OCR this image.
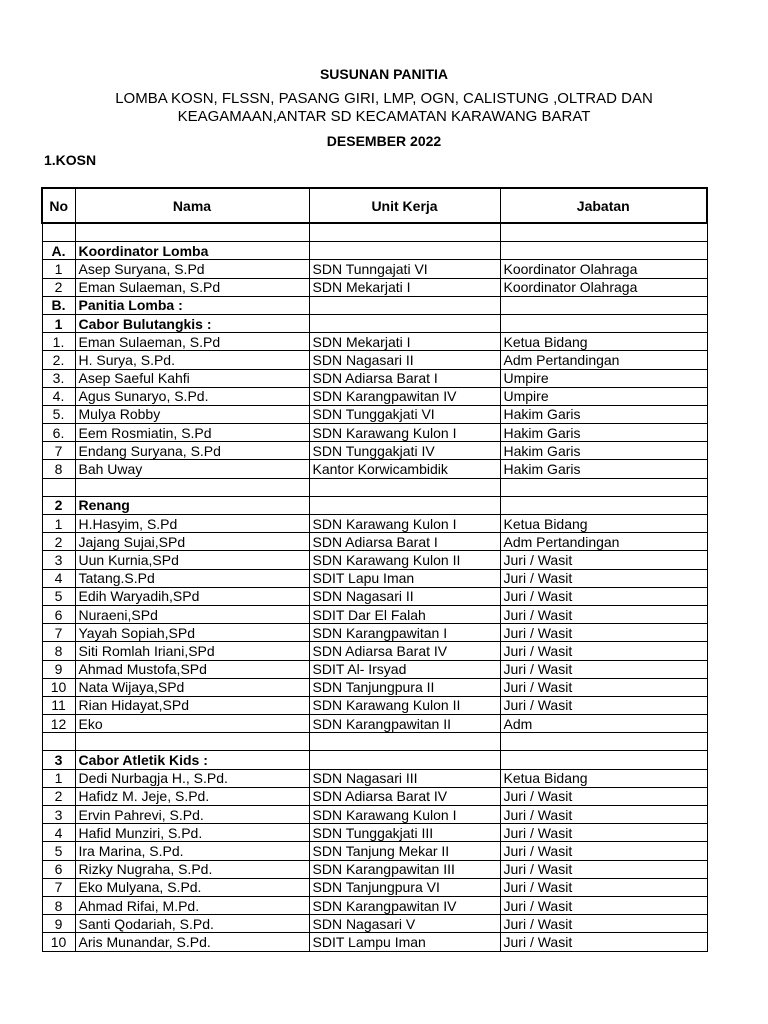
SUSUNAN PANITIA
LOMBA KOSN, FLSSN, PASANG GIRI, LMP, OGN, CALISTUNG ,OLTRAD DAN
KEAGAMAAN,ANTAR SD KECAMATAN KARAWANG BARAT
DESEMBER 2022
1.KOSN
No	Nama	Unit Kerja	Jabatan

A.	Koordinator Lomba		
1	Asep Suryana, S.Pd	SDN Tunngajati VI	Koordinator Olahraga
2	Eman Sulaeman, S.Pd	SDN Mekarjati I	Koordinator Olahraga
B.	Panitia Lomba :		
1	Cabor Bulutangkis :		
1.	Eman Sulaeman, S.Pd	SDN Mekarjati I	Ketua Bidang
2.	H. Surya, S.Pd.	SDN Nagasari II	Adm Pertandingan
3.	Asep Saeful Kahfi	SDN Adiarsa Barat I	Umpire
4.	Agus Sunaryo, S.Pd.	SDN Karangpawitan IV	Umpire
5.	Mulya Robby	SDN Tunggakjati VI	Hakim Garis
6.	Eem Rosmiatin, S.Pd	SDN Karawang Kulon I	Hakim Garis
7	Endang Suryana, S.Pd	SDN Tunggakjati IV	Hakim Garis
8	Bah Uway	Kantor Korwicambidik	Hakim Garis

2	Renang		
1	H.Hasyim, S.Pd	SDN Karawang Kulon I	Ketua Bidang
2	Jajang Sujai,SPd	SDN Adiarsa Barat I	Adm Pertandingan
3	Uun Kurnia,SPd	SDN Karawang Kulon II	Juri / Wasit
4	Tatang.S.Pd	SDIT Lapu Iman	Juri / Wasit
5	Edih Waryadih,SPd	SDN Nagasari II	Juri / Wasit
6	Nuraeni,SPd	SDIT Dar El Falah	Juri / Wasit
7	Yayah Sopiah,SPd	SDN Karangpawitan I	Juri / Wasit
8	Siti Romlah Iriani,SPd	SDN Adiarsa Barat IV	Juri / Wasit
9	Ahmad Mustofa,SPd	SDIT Al- Irsyad	Juri / Wasit
10	Nata Wijaya,SPd	SDN Tanjungpura II	Juri / Wasit
11	Rian Hidayat,SPd	SDN Karawang Kulon II	Juri / Wasit
12	Eko	SDN Karangpawitan II	Adm

3	Cabor Atletik Kids :		
1	Dedi Nurbagja H., S.Pd.	SDN Nagasari III	Ketua Bidang
2	Hafidz M. Jeje, S.Pd.	SDN Adiarsa Barat IV	Juri / Wasit
3	Ervin Pahrevi, S.Pd.	SDN Karawang Kulon I	Juri / Wasit
4	Hafid Munziri, S.Pd.	SDN Tunggakjati III	Juri / Wasit
5	Ira Marina, S.Pd.	SDN Tanjung Mekar II	Juri / Wasit
6	Rizky Nugraha, S.Pd.	SDN Karangpawitan III	Juri / Wasit
7	Eko Mulyana, S.Pd.	SDN Tanjungpura VI	Juri / Wasit
8	Ahmad Rifai, M.Pd.	SDN Karangpawitan IV	Juri / Wasit
9	Santi Qodariah, S.Pd.	SDN Nagasari V	Juri / Wasit
10	Aris Munandar, S.Pd.	SDIT Lampu Iman	Juri / Wasit
